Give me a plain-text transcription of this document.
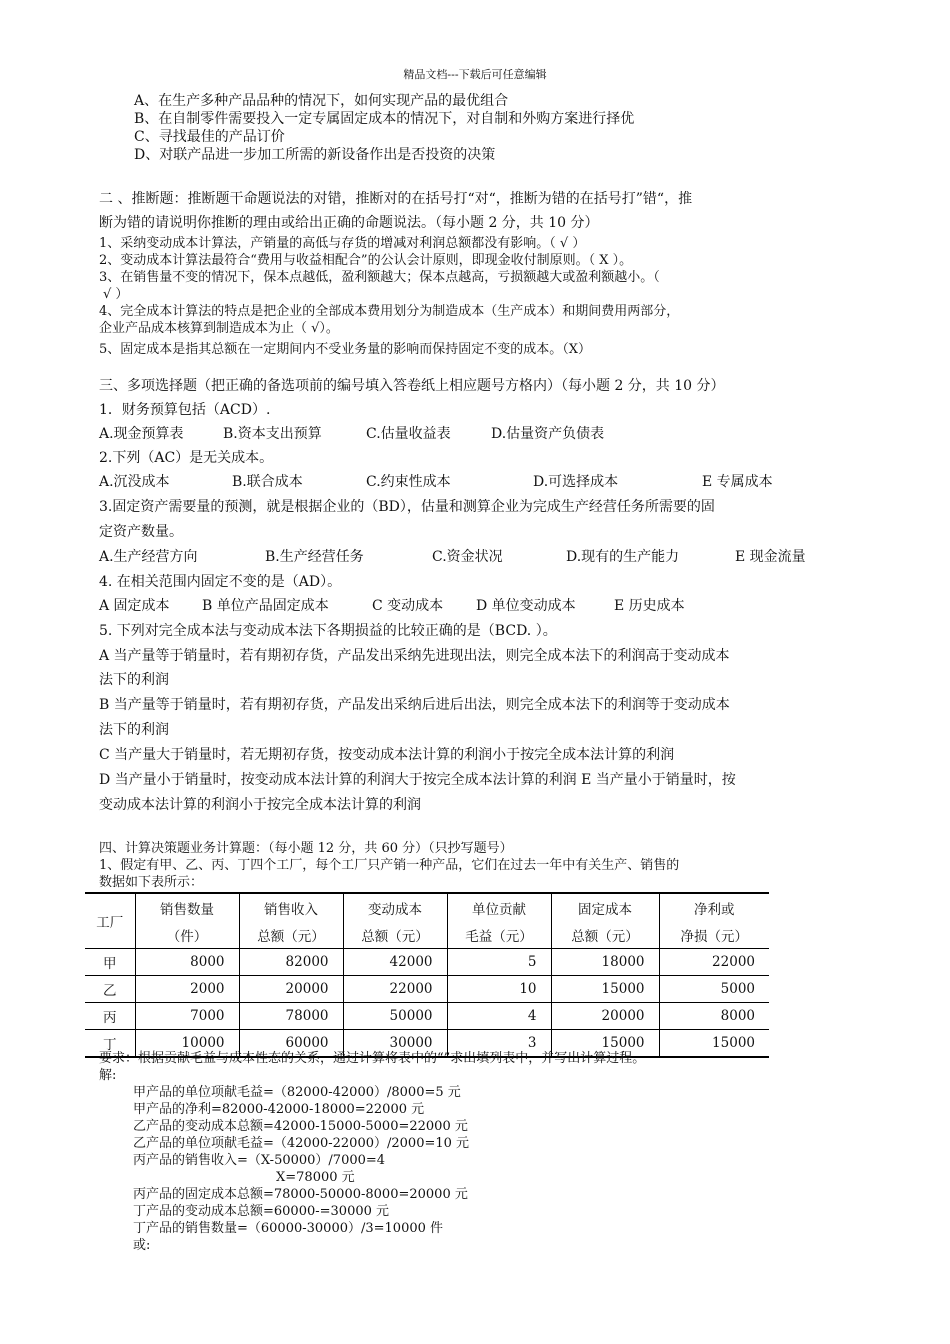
精品文档---下载后可任意编辑
A、在生产多种产品品种的情况下，如何实现产品的最优组合
B、在自制零件需要投入一定专属固定成本的情况下，对自制和外购方案进行择优
C、寻找最佳的产品订价
D、对联产品进一步加工所需的新设备作出是否投资的决策
二 、推断题：推断题干命题说法的对错，推断对的在括号打“对“，推断为错的在括号打”错“，推
断为错的请说明你推断的理由或给出正确的命题说法。（每小题 2 分，共 10 分）
1、采纳变动成本计算法，产销量的高低与存货的增减对利润总额都没有影响。（ √ ）
2、变动成本计算法最符合“费用与收益相配合”的公认会计原则，即现金收付制原则。（ X ）。
3、在销售量不变的情况下，保本点越低，盈利额越大；保本点越高，亏损额越大或盈利额越小。（
√ ）
4、完全成本计算法的特点是把企业的全部成本费用划分为制造成本（生产成本）和期间费用两部分，
企业产品成本核算到制造成本为止（ √）。
5、固定成本是指其总额在一定期间内不受业务量的影响而保持固定不变的成本。（X）
三、多项选择题（把正确的备选项前的编号填入答卷纸上相应题号方格内）（每小题 2 分，共 10 分）
1．财务预算包括（ACD）.
A.现金预算表	B.资本支出预算	C.估量收益表	D.估量资产负债表
2.下列（AC）是无关成本。
A.沉没成本	B.联合成本	C.约束性成本	D.可选择成本	E 专属成本
3.固定资产需要量的预测，就是根据企业的（BD），估量和测算企业为完成生产经营任务所需要的固
定资产数量。
A.生产经营方向	B.生产经营任务	C.资金状况	D.现有的生产能力	E 现金流量
4. 在相关范围内固定不变的是（AD）。
A 固定成本 B 单位产品固定成本	C 变动成本 D 单位变动成本	E 历史成本
5. 下列对完全成本法与变动成本法下各期损益的比较正确的是（BCD. ）。
A 当产量等于销量时，若有期初存货，产品发出采纳先进现出法，则完全成本法下的利润高于变动成本
法下的利润
B 当产量等于销量时，若有期初存货，产品发出采纳后进后出法，则完全成本法下的利润等于变动成本
法下的利润
C 当产量大于销量时，若无期初存货，按变动成本法计算的利润小于按完全成本法计算的利润
D 当产量小于销量时，按变动成本法计算的利润大于按完全成本法计算的利润 E 当产量小于销量时，按
变动成本法计算的利润小于按完全成本法计算的利润
四、计算决策题业务计算题：（每小题 12 分，共 60 分）（只抄写题号）
1、假定有甲、乙、丙、丁四个工厂，每个工厂只产销一种产品，它们在过去一年中有关生产、销售的
数据如下表所示：
工厂	销售数量	销售收入	变动成本	单位贡献	固定成本	净利或
	（件）	总额（元）	总额（元）	毛益（元）	总额（元）	净损（元）
甲	8000	82000	42000	5	18000	22000
乙	2000	20000	22000	10	15000	5000
丙	7000	78000	50000	4	20000	8000
丁	10000	60000	30000	3	15000	15000
要求：根据贡献毛益与成本性态的关系，通过计算将表中的“”求出填列表中，并写出计算过程。
解:
甲产品的单位项献毛益=（82000-42000）/8000=5 元
甲产品的净利=82000-42000-18000=22000 元
乙产品的变动成本总额=42000-15000-5000=22000 元
乙产品的单位项献毛益=（42000-22000）/2000=10 元
丙产品的销售收入=（X-50000）/7000=4
X=78000 元
丙产品的固定成本总额=78000-50000-8000=20000 元
丁产品的变动成本总额=60000-=30000 元
丁产品的销售数量=（60000-30000）/3=10000 件
或:
